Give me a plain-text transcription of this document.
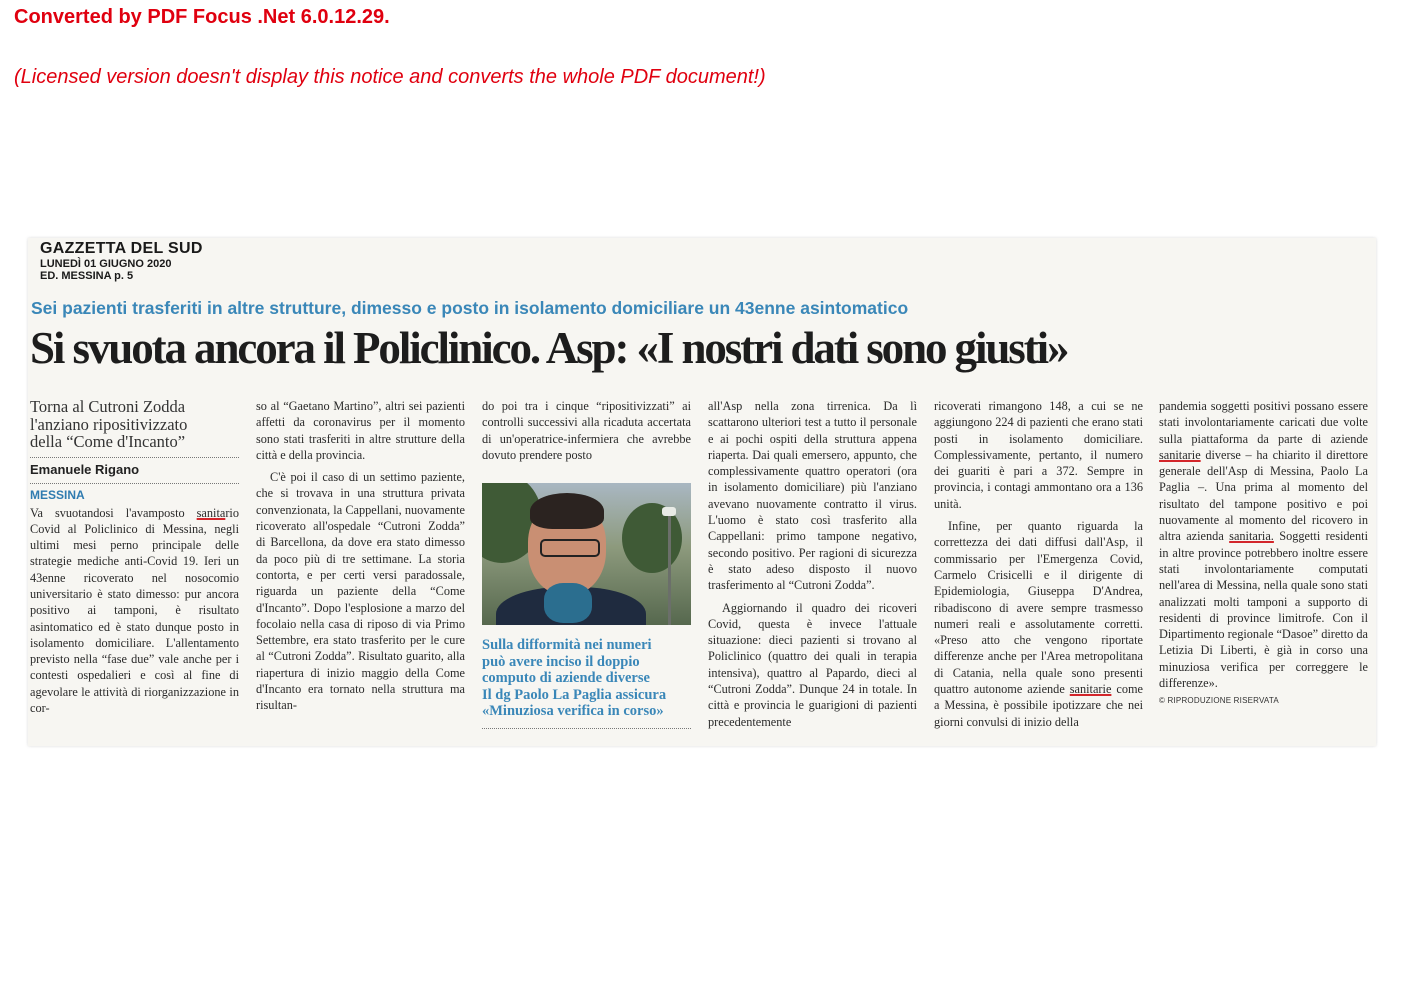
Converted by PDF Focus .Net 6.0.12.29.
(Licensed version doesn't display this notice and converts the whole PDF document!)
GAZZETTA DEL SUD
LUNEDÌ 01 GIUGNO 2020
ED. MESSINA p. 5
Sei pazienti trasferiti in altre strutture, dimesso e posto in isolamento domiciliare un 43enne asintomatico
Si svuota ancora il Policlinico. Asp: «I nostri dati sono giusti»
Torna al Cutroni Zodda
l'anziano ripositivizzato
della “Come d'Incanto”
Emanuele Rigano
MESSINA

Va svuotandosi l'avamposto sanitario Covid al Policlinico di Messina, negli ultimi mesi perno principale delle strategie mediche anti-Covid 19. Ieri un 43enne ricoverato nel nosocomio universitario è stato dimesso: pur ancora positivo ai tamponi, è risultato asintomatico ed è stato dunque posto in isolamento domiciliare. L'allentamento previsto nella “fase due” vale anche per i contesti ospedalieri e così al fine di agevolare le attività di riorganizzazione in cor-

so al “Gaetano Martino”, altri sei pazienti affetti da coronavirus per il momento sono stati trasferiti in altre strutture della città e della provincia.

C'è poi il caso di un settimo paziente, che si trovava in una struttura privata convenzionata, la Cappellani, nuovamente ricoverato all'ospedale “Cutroni Zodda” di Barcellona, da dove era stato dimesso da poco più di tre settimane. La storia contorta, e per certi versi paradossale, riguarda un paziente della “Come d'Incanto”. Dopo l'esplosione a marzo del focolaio nella casa di riposo di via Primo Settembre, era stato trasferito per le cure al “Cutroni Zodda”. Risultato guarito, alla riapertura di inizio maggio della Come d'Incanto era tornato nella struttura ma risultan-

do poi tra i cinque “ripositivizzati” ai controlli successivi alla ricaduta accertata di un'operatrice-infermiera che avrebbe dovuto prendere posto

Sulla difformità nei numeri
può avere inciso il doppio
computo di aziende diverse
Il dg Paolo La Paglia assicura
«Minuziosa verifica in corso»

all'Asp nella zona tirrenica. Da lì scattarono ulteriori test a tutto il personale e ai pochi ospiti della struttura appena riaperta. Dai quali emersero, appunto, che complessivamente quattro operatori (ora in isolamento domiciliare) più l'anziano avevano nuovamente contratto il virus. L'uomo è stato così trasferito alla Cappellani: primo tampone negativo, secondo positivo. Per ragioni di sicurezza è stato adeso disposto il nuovo trasferimento al “Cutroni Zodda”.

Aggiornando il quadro dei ricoveri Covid, questa è invece l'attuale situazione: dieci pazienti si trovano al Policlinico (quattro dei quali in terapia intensiva), quattro al Papardo, dieci al “Cutroni Zodda”. Dunque 24 in totale. In città e provincia le guarigioni di pazienti precedentemente

ricoverati rimangono 148, a cui se ne aggiungono 224 di pazienti che erano stati posti in isolamento domiciliare. Complessivamente, pertanto, il numero dei guariti è pari a 372. Sempre in provincia, i contagi ammontano ora a 136 unità.

Infine, per quanto riguarda la correttezza dei dati diffusi dall'Asp, il commissario per l'Emergenza Covid, Carmelo Crisicelli e il dirigente di Epidemiologia, Giuseppa D'Andrea, ribadiscono di avere sempre trasmesso numeri reali e assolutamente corretti. «Preso atto che vengono riportate differenze anche per l'Area metropolitana di Catania, nella quale sono presenti quattro autonome aziende sanitarie come a Messina, è possibile ipotizzare che nei giorni convulsi di inizio della

pandemia soggetti positivi possano essere stati involontariamente caricati due volte sulla piattaforma da parte di aziende sanitarie diverse – ha chiarito il direttore generale dell'Asp di Messina, Paolo La Paglia –. Una prima al momento del risultato del tampone positivo e poi nuovamente al momento del ricovero in altra azienda sanitaria. Soggetti residenti in altre province potrebbero inoltre essere stati involontariamente computati nell'area di Messina, nella quale sono stati analizzati molti tamponi a supporto di residenti di province limitrofe. Con il Dipartimento regionale “Dasoe” diretto da Letizia Di Liberti, è già in corso una minuziosa verifica per correggere le differenze».

© RIPRODUZIONE RISERVATA
